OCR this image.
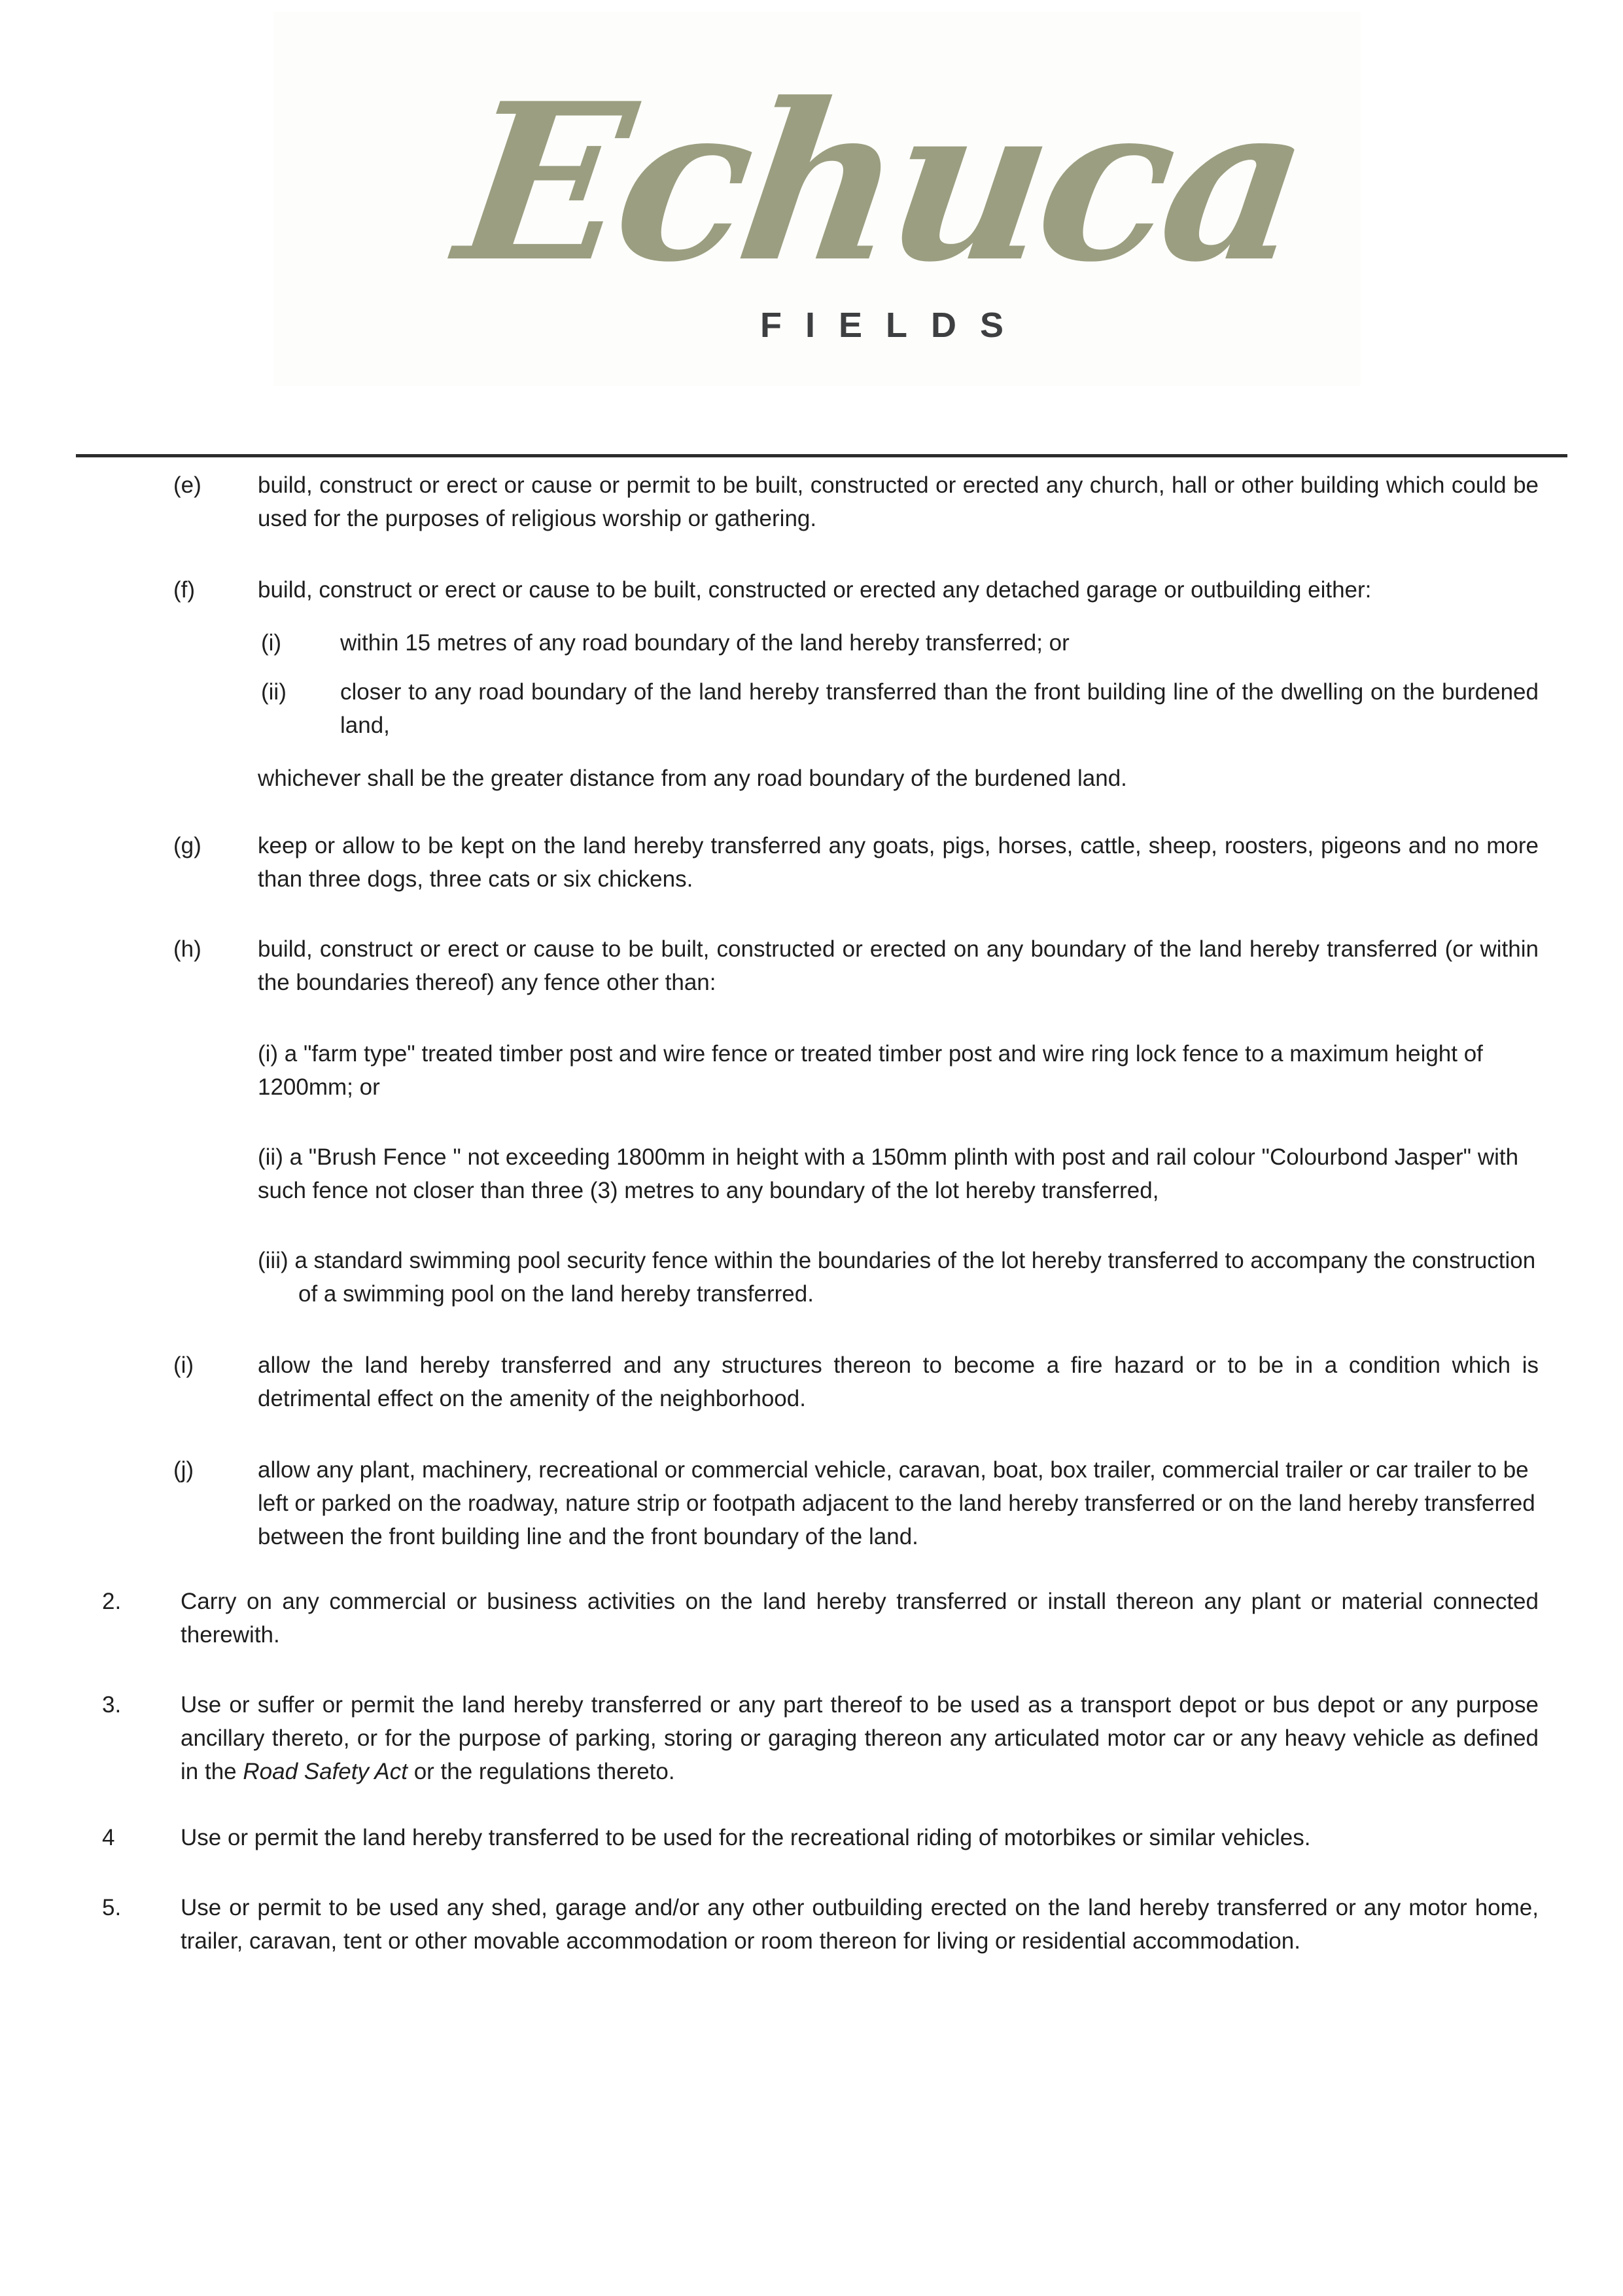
Echuca
FIELDS
(e)	build, construct or erect or cause or permit to be built, constructed or erected any church, hall or other building which could be used for the purposes of religious worship or gathering.
(f)	build, construct or erect or cause to be built, constructed or erected any detached garage or outbuilding either:
(i)	within 15 metres of any road boundary of the land hereby transferred; or
(ii)	closer to any road boundary of the land hereby transferred than the front building line of the dwelling on the burdened land,

whichever shall be the greater distance from any road boundary of the burdened land.

(g)	keep or allow to be kept on the land hereby transferred any goats, pigs, horses, cattle, sheep, roosters, pigeons and no more than three dogs, three cats or six chickens.
(h)	build, construct or erect or cause to be built, constructed or erected on any boundary of the land hereby transferred (or within the boundaries thereof) any fence other than:

(i) a "farm type" treated timber post and wire fence or treated timber post and wire ring lock fence to a maximum height of 1200mm; or

(ii) a "Brush Fence " not exceeding 1800mm in height with a 150mm plinth with post and rail colour "Colourbond Jasper" with such fence not closer than three (3) metres to any boundary of the lot hereby transferred,

(iii) a standard swimming pool security fence within the boundaries of the lot hereby transferred to accompany the construction of a swimming pool on the land hereby transferred.

(i)	allow the land hereby transferred and any structures thereon to become a fire hazard or to be in a condition which is detrimental effect on the amenity of the neighborhood.
(j)	allow any plant, machinery, recreational or commercial vehicle, caravan, boat, box trailer, commercial trailer or car trailer to be left or parked on the roadway, nature strip or footpath adjacent to the land hereby transferred or on the land hereby transferred between the front building line and the front boundary of the land.
2.	Carry on any commercial or business activities on the land hereby transferred or install thereon any plant or material connected therewith.
3.	Use or suffer or permit the land hereby transferred or any part thereof to be used as a transport depot or bus depot or any purpose ancillary thereto, or for the purpose of parking, storing or garaging thereon any articulated motor car or any heavy vehicle as defined in the Road Safety Act or the regulations thereto.
4	Use or permit the land hereby transferred to be used for the recreational riding of motorbikes or similar vehicles.
5.	Use or permit to be used any shed, garage and/or any other outbuilding erected on the land hereby transferred or any motor home, trailer, caravan, tent or other movable accommodation or room thereon for living or residential accommodation.
